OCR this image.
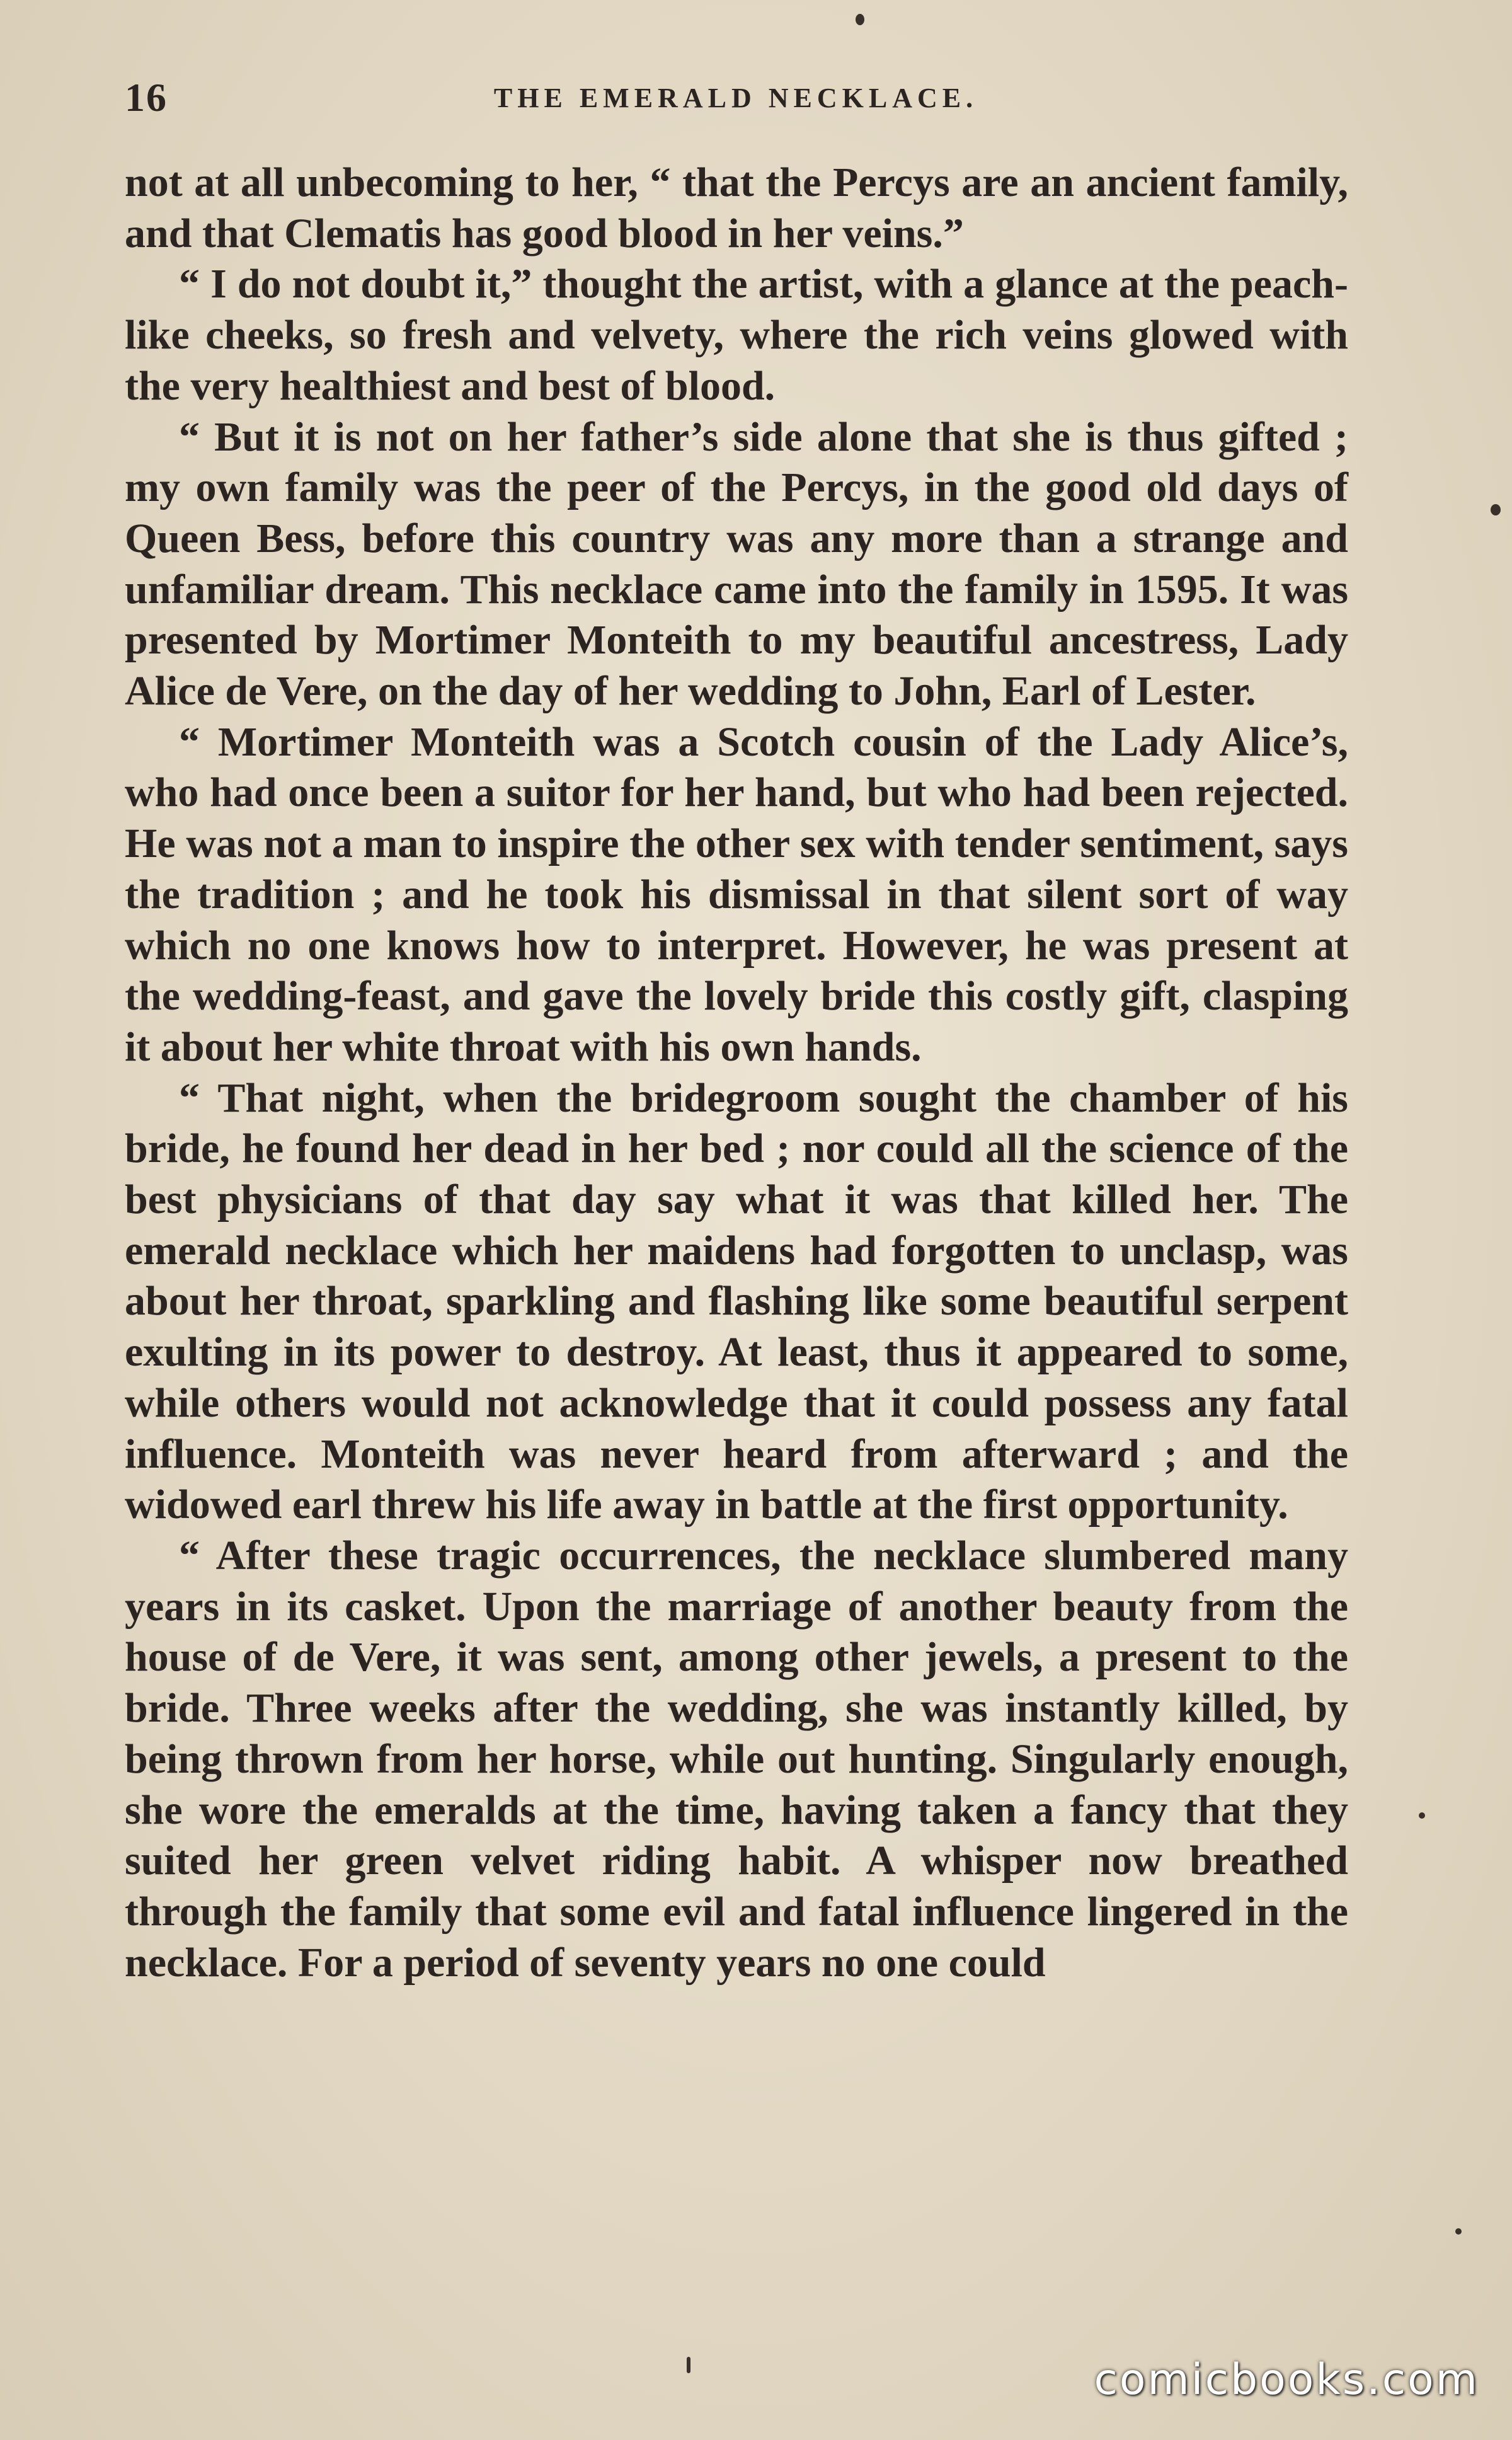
16	THE EMERALD NECKLACE.

not at all unbecoming to her, “ that the Percys are an ancient family, and that Clematis has good blood in her veins.”

“ I do not doubt it,” thought the artist, with a glance at the peach-like cheeks, so fresh and velvety, where the rich veins glowed with the very healthiest and best of blood.

“ But it is not on her father’s side alone that she is thus gifted ; my own family was the peer of the Percys, in the good old days of Queen Bess, before this country was any more than a strange and unfamiliar dream. This necklace came into the family in 1595. It was presented by Mortimer Monteith to my beautiful ancestress, Lady Alice de Vere, on the day of her wedding to John, Earl of Lester.

“ Mortimer Monteith was a Scotch cousin of the Lady Alice’s, who had once been a suitor for her hand, but who had been rejected. He was not a man to inspire the other sex with tender sentiment, says the tradition ; and he took his dismissal in that silent sort of way which no one knows how to interpret. However, he was present at the wedding-feast, and gave the lovely bride this costly gift, clasping it about her white throat with his own hands.

“ That night, when the bridegroom sought the chamber of his bride, he found her dead in her bed ; nor could all the science of the best physicians of that day say what it was that killed her. The emerald necklace which her maidens had forgotten to unclasp, was about her throat, sparkling and flashing like some beautiful serpent exulting in its power to destroy. At least, thus it appeared to some, while others would not acknowledge that it could possess any fatal influence. Monteith was never heard from afterward ; and the widowed earl threw his life away in battle at the first opportunity.

“ After these tragic occurrences, the necklace slumbered many years in its casket. Upon the marriage of another beauty from the house of de Vere, it was sent, among other jewels, a present to the bride. Three weeks after the wedding, she was instantly killed, by being thrown from her horse, while out hunting. Singularly enough, she wore the emeralds at the time, having taken a fancy that they suited her green velvet riding habit. A whisper now breathed through the family that some evil and fatal influence lingered in the necklace. For a period of seventy years no one could

comicbooks.com
